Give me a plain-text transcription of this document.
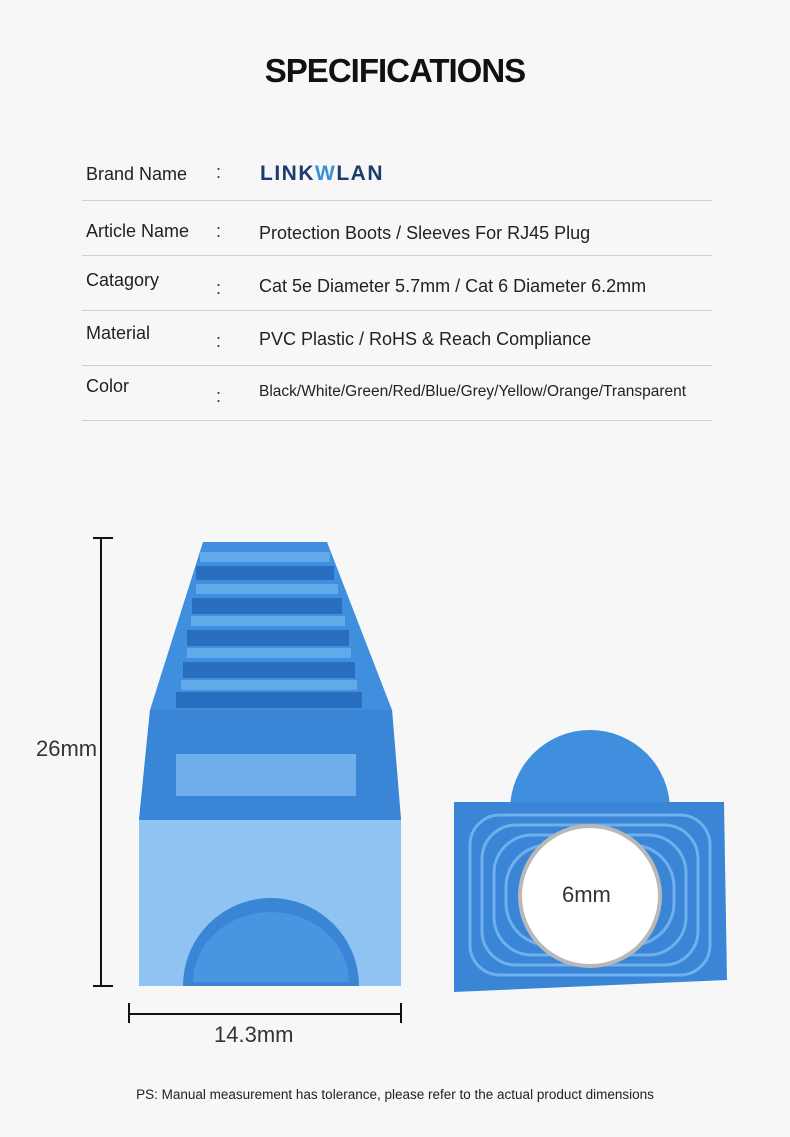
SPECIFICATIONS
Brand Name : LINKWLAN
Article Name : Protection Boots / Sleeves For RJ45 Plug
Catagory	: Cat 5e Diameter 5.7mm / Cat 6 Diameter 6.2mm
Material	: PVC Plastic / RoHS & Reach Compliance
Color	: Black/White/Green/Red/Blue/Grey/Yellow/Orange/Transparent
26mm
14.3mm
6mm
PS: Manual measurement has tolerance, please refer to the actual product dimensions
